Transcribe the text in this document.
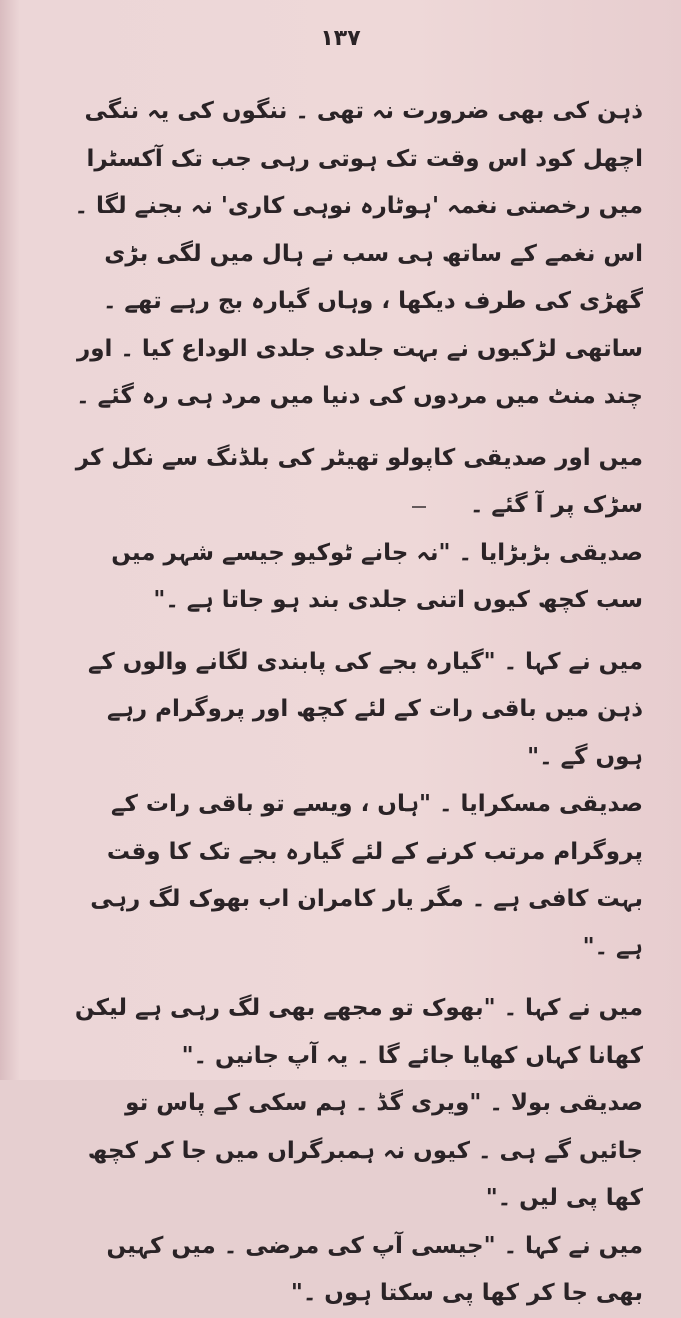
۱۳۷

ذہن کی بھی ضرورت نہ تھی ۔ ننگوں کی یہ ننگی اچھل کود اس وقت تک ہوتی رہی جب تک آکسٹرا میں رخصتی نغمہ 'ہوٹارہ نوہی کاری' نہ بجنے لگا ۔ اس نغمے کے ساتھ ہی سب نے ہال میں لگی بڑی گھڑی کی طرف دیکھا ، وہاں گیارہ بج رہے تھے ۔ ساتھی لڑکیوں نے بہت جلدی جلدی الوداع کیا ۔ اور چند منٹ میں مردوں کی دنیا میں مرد ہی رہ گئے ۔

میں اور صدیقی کاپولو تھیٹر کی بلڈنگ سے نکل کر سڑک پر آ گئے ۔

صدیقی بڑبڑایا ۔ "نہ جانے ٹوکیو جیسے شہر میں سب کچھ کیوں اتنی جلدی بند ہو جاتا ہے ۔"

میں نے کہا ۔ "گیارہ بجے کی پابندی لگانے والوں کے ذہن میں باقی رات کے لئے کچھ اور پروگرام رہے ہوں گے ۔"

صدیقی مسکرایا ۔ "ہاں ، ویسے تو باقی رات کے پروگرام مرتب کرنے کے لئے گیارہ بجے تک کا وقت بہت کافی ہے ۔ مگر یار کامران اب بھوک لگ رہی ہے ۔"

میں نے کہا ۔ "بھوک تو مجھے بھی لگ رہی ہے لیکن کھانا کہاں کھایا جائے گا ۔ یہ آپ جانیں ۔"

صدیقی بولا ۔ "ویری گڈ ۔ ہم سکی کے پاس تو جائیں گے ہی ۔ کیوں نہ ہمبرگراں میں جا کر کچھ کھا پی لیں ۔"

میں نے کہا ۔ "جیسی آپ کی مرضی ۔ میں کہیں بھی جا کر کھا پی سکتا ہوں ۔"
